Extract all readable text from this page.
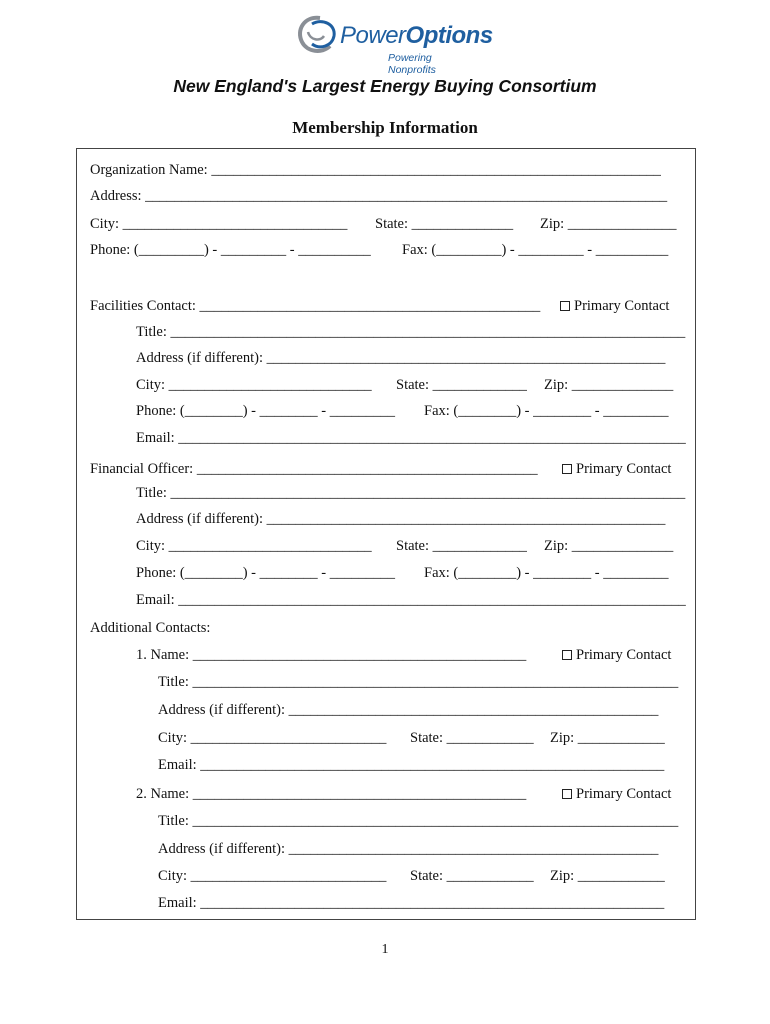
PowerOptions
Powering Nonprofits
New England's Largest Energy Buying Consortium
Membership Information
Organization Name: ______________________________________________________________
Address: ________________________________________________________________________
City: _______________________________ State: ______________ Zip: _______________
Phone: (_________) - _________ - __________ Fax: (_________) - _________ - __________
Facilities Contact: _______________________________________________	Primary Contact
Title: _______________________________________________________________________
Address (if different): _______________________________________________________
City: ____________________________ State: _____________ Zip: ______________
Phone: (________) - ________ - _________ Fax: (________) - ________ - _________
Email: ______________________________________________________________________
Financial Officer: _______________________________________________	Primary Contact
Title: _______________________________________________________________________
Address (if different): _______________________________________________________
City: ____________________________ State: _____________ Zip: ______________
Phone: (________) - ________ - _________ Fax: (________) - ________ - _________
Email: ______________________________________________________________________
Additional Contacts:
1. Name: ______________________________________________	Primary Contact
Title: ___________________________________________________________________
Address (if different): ___________________________________________________
City: ___________________________ State: ____________ Zip: ____________
Email: ________________________________________________________________
2. Name: ______________________________________________	Primary Contact
Title: ___________________________________________________________________
Address (if different): ___________________________________________________
City: ___________________________ State: ____________ Zip: ____________
Email: ________________________________________________________________
1
